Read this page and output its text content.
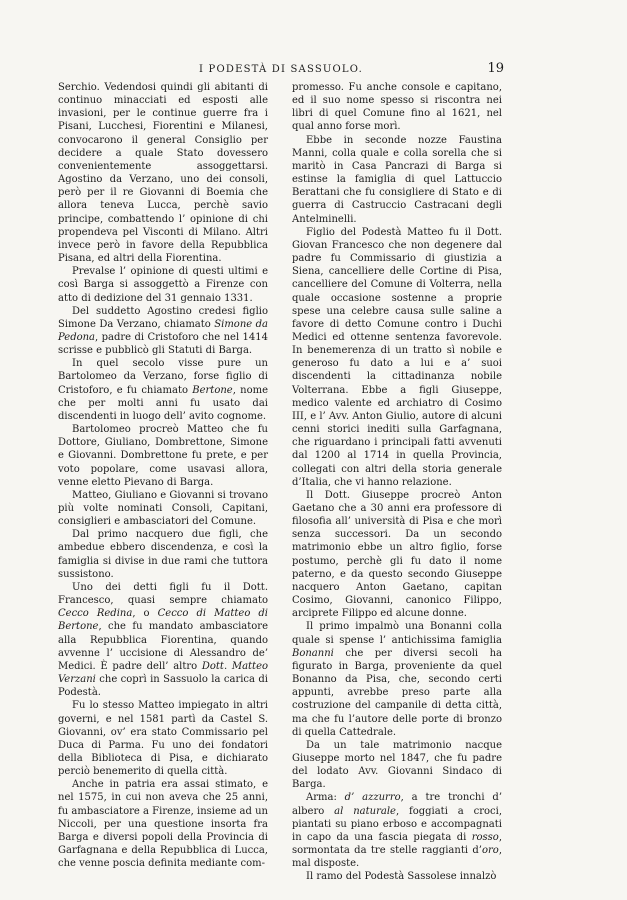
I PODESTÀ DI SASSUOLO.	19

Serchio. Vedendosi quindi gli abitanti di continuo minacciati ed esposti alle invasioni, per le continue guerre fra i Pisani, Lucchesi, Fiorentini e Milanesi, convocarono il general Consiglio per decidere a quale Stato dovessero convenientemente assoggettarsi. Agostino da Verzano, uno dei consoli, però per il re Giovanni di Boemia che allora teneva Lucca, perchè savio principe, combattendo l’ opinione di chi propendeva pel Visconti di Milano. Altri invece però in favore della Repubblica Pisana, ed altri della Fiorentina.

Prevalse l’ opinione di questi ultimi e così Barga si assoggettò a Firenze con atto di dedizione del 31 gennaio 1331.

Del suddetto Agostino credesi figlio Simone Da Verzano, chiamato Simone da Pedona, padre di Cristoforo che nel 1414 scrisse e pubblicò gli Statuti di Barga.

In quel secolo visse pure un Bartolomeo da Verzano, forse figlio di Cristoforo, e fu chiamato Bertone, nome che per molti anni fu usato dai discendenti in luogo dell’ avito cognome.

Bartolomeo procreò Matteo che fu Dottore, Giuliano, Dombrettone, Simone e Giovanni. Dombrettone fu prete, e per voto popolare, come usavasi allora, venne eletto Pievano di Barga.

Matteo, Giuliano e Giovanni si trovano più volte nominati Consoli, Capitani, consiglieri e ambasciatori del Comune.

Dal primo nacquero due figli, che ambedue ebbero discendenza, e così la famiglia si divise in due rami che tuttora sussistono.

Uno dei detti figli fu il Dott. Francesco, quasi sempre chiamato Cecco Redina, o Cecco di Matteo di Bertone, che fu mandato ambasciatore alla Repubblica Fiorentina, quando avvenne l’ uccisione di Alessandro de’ Medici. È padre dell’ altro Dott. Matteo Verzani che coprì in Sassuolo la carica di Podestà.

Fu lo stesso Matteo impiegato in altri governi, e nel 1581 partì da Castel S. Giovanni, ov’ era stato Commissario pel Duca di Parma. Fu uno dei fondatori della Biblioteca di Pisa, e dichiarato perciò benemerito di quella città.

Anche in patria era assai stimato, e nel 1575, in cui non aveva che 25 anni, fu ambasciatore a Firenze, insieme ad un Niccoli, per una questione insorta fra Barga e diversi popoli della Provincia di Garfagnana e della Repubblica di Lucca, che venne poscia definita mediante com-

promesso. Fu anche console e capitano, ed il suo nome spesso si riscontra nei libri di quel Comune fino al 1621, nel qual anno forse morì.

Ebbe in seconde nozze Faustina Manni, colla quale e colla sorella che si maritò in Casa Pancrazi di Barga si estinse la famiglia di quel Lattuccio Berattani che fu consigliere di Stato e di guerra di Castruccio Castracani degli Antelminelli.

Figlio del Podestà Matteo fu il Dott. Giovan Francesco che non degenere dal padre fu Commissario di giustizia a Siena, cancelliere delle Cortine di Pisa, cancelliere del Comune di Volterra, nella quale occasione sostenne a proprie spese una celebre causa sulle saline a favore di detto Comune contro i Duchi Medici ed ottenne sentenza favorevole. In benemerenza di un tratto sì nobile e generoso fu dato a lui e a’ suoi discendenti la cittadinanza nobile Volterrana. Ebbe a figli Giuseppe, medico valente ed archiatro di Cosimo III, e l’ Avv. Anton Giulio, autore di alcuni cenni storici inediti sulla Garfagnana, che riguardano i principali fatti avvenuti dal 1200 al 1714 in quella Provincia, collegati con altri della storia generale d’Italia, che vi hanno relazione.

Il Dott. Giuseppe procreò Anton Gaetano che a 30 anni era professore di filosofia all’ università di Pisa e che morì senza successori. Da un secondo matrimonio ebbe un altro figlio, forse postumo, perchè gli fu dato il nome paterno, e da questo secondo Giuseppe nacquero Anton Gaetano, capitan Cosimo, Giovanni, canonico Filippo, arciprete Filippo ed alcune donne.

Il primo impalmò una Bonanni colla quale si spense l’ antichissima famiglia Bonanni che per diversi secoli ha figurato in Barga, proveniente da quel Bonanno da Pisa, che, secondo certi appunti, avrebbe preso parte alla costruzione del campanile di detta città, ma che fu l’autore delle porte di bronzo di quella Cattedrale.

Da un tale matrimonio nacque Giuseppe morto nel 1847, che fu padre del lodato Avv. Giovanni Sindaco di Barga.

Arma: d’ azzurro, a tre tronchi d’ albero al naturale, foggiati a croci, piantati su piano erboso e accompagnati in capo da una fascia piegata di rosso, sormontata da tre stelle raggianti d’oro, mal disposte.

Il ramo del Podestà Sassolese innalzò
